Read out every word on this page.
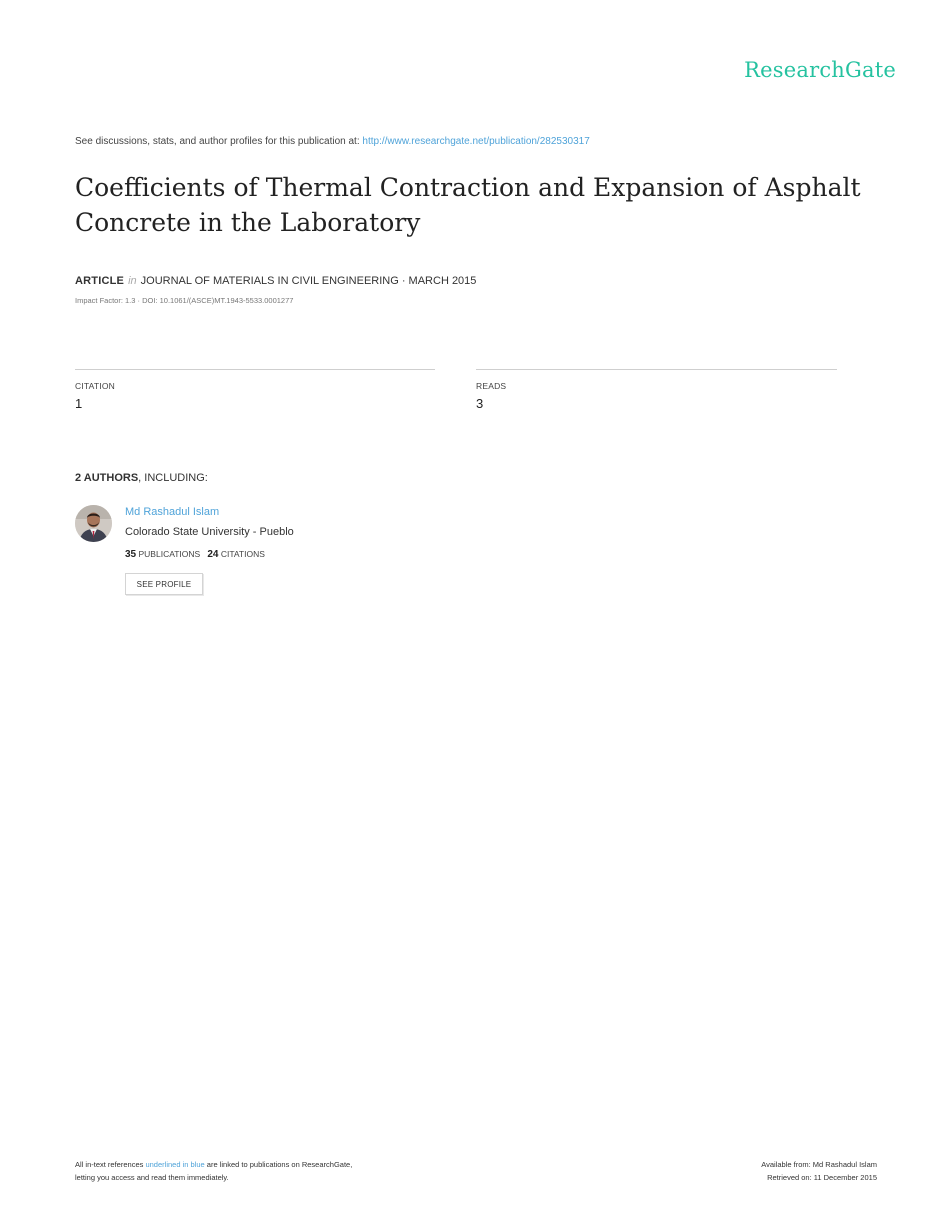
ResearchGate
See discussions, stats, and author profiles for this publication at: http://www.researchgate.net/publication/282530317
Coefficients of Thermal Contraction and Expansion of Asphalt Concrete in the Laboratory
ARTICLE in JOURNAL OF MATERIALS IN CIVIL ENGINEERING · MARCH 2015
Impact Factor: 1.3 · DOI: 10.1061/(ASCE)MT.1943-5533.0001277
CITATION
1
READS
3
2 AUTHORS, INCLUDING:
Md Rashadul Islam
Colorado State University - Pueblo
35 PUBLICATIONS 24 CITATIONS
SEE PROFILE
All in-text references underlined in blue are linked to publications on ResearchGate,
letting you access and read them immediately.
Available from: Md Rashadul Islam
Retrieved on: 11 December 2015
